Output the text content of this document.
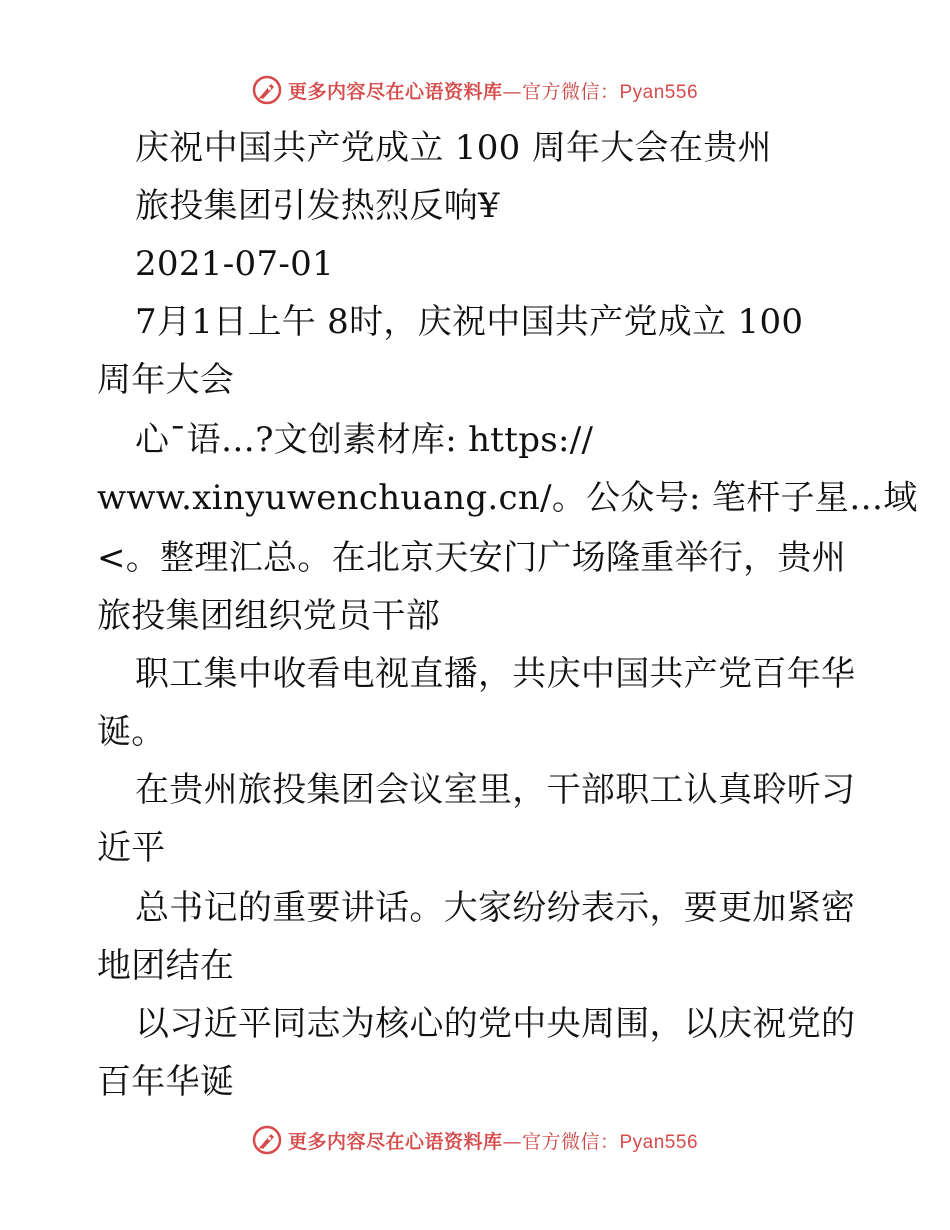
更多内容尽在心语资料库—官方微信：Pyan556
庆祝中国共产党成立 100 周年大会在贵州
旅投集团引发热烈反响¥
2021-07-01
7月1日上午 8时，庆祝中国共产党成立 100
周年大会
心¯语…?文创素材库: https://
www.xinyuwenchuang.cn/。公众号: 笔杆子星…域
<。整理汇总。在北京天安门广场隆重举行，贵州
旅投集团组织党员干部
职工集中收看电视直播，共庆中国共产党百年华
诞。
在贵州旅投集团会议室里，干部职工认真聆听习
近平
总书记的重要讲话。大家纷纷表示，要更加紧密
地团结在
以习近平同志为核心的党中央周围，以庆祝党的
百年华诞
更多内容尽在心语资料库—官方微信：Pyan556
